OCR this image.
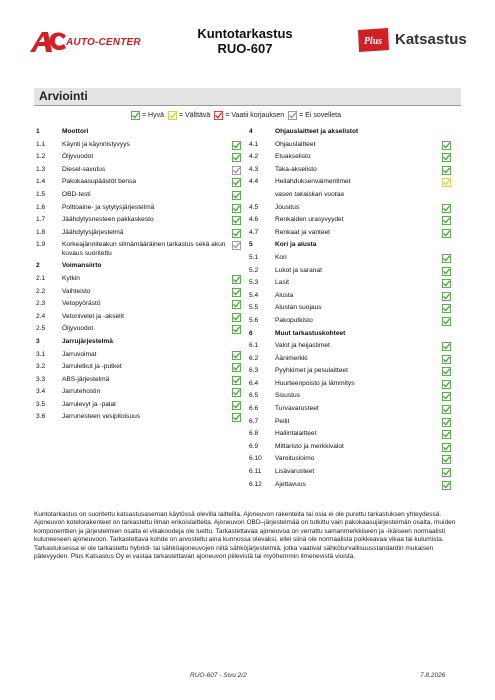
AUTO-CENTER
Kuntotarkastus
RUO-607	Plus Katsastus
Arviointi
= Hyvä = Välttävä = Vaatii korjauksen = Ei sovelleta
1	Moottori
1.1	Käynti ja käynnistyvyys
1.2	Öljyvuodot
1.3	Diesel-savutus
1.4	Pakokaasupäästöt bensa
1.5	OBD-testi
1.6	Polttoaine- ja sytytysjärjestelmä
1.7	Jäähdytysnesteen pakkaskesto
1.8	Jäähdytysjärjestelmä
1.9	Korkeajänniteakun silmämääräinen tarkastus sekä akun kuvaus suoritettu
2	Voimansiirto
2.1	Kytkin
2.2	Vaihteisto
2.3	Vetopyörästö
2.4	Vetonivelet ja -akselit
2.5	Öljyvuodot
3	Jarrujärjestelmä
3.1	Jarruvoimat
3.2	Jarruletkut ja -putket
3.3	ABS-järjestelmä
3.4	Jarrutehostin
3.5	Jarrulevyt ja -palat
3.6	Jarrunesteen vesipitoisuus
4	Ohjauslaitteet ja akselistot
4.1	Ohjauslaitteet
4.2	Etuakselisto
4.3	Taka-akselisto
4.4	Heilahduksenvaimentimet
vasen takaiskari vuotaa
4.5	Jousitus
4.6	Renkaiden urasyvyydet
4.7	Renkaat ja vanteet
5	Kori ja alusta
5.1	Kori
5.2	Lukot ja saranat
5.3	Lasit
5.4	Alusta
5.5	Alustan suojaus
5.6	Pakoputkisto
6	Muut tarkastuskohteet
6.1	Valot ja heijastimet
6.2	Äänimerkki
6.3	Pyyhkimet ja pesulaitteet
6.4	Huurteenpoisto ja lämmitys
6.5	Sisustus
6.6	Turvavarusteet
6.7	Peilit
6.8	Hallintalaitteet
6.9	Mittaristo ja merkkivalot
6.10 Varoitusloimo
6.11 Lisävarusteet
6.12 Ajettavuus
Kuntotarkastus on suoritettu katsastusaseman käytössä olevilla laitteilla. Ajoneuvon rakenteita tai osia ei ole purettu tarkastuksen yhteydessä. Ajoneuvon kotelorakenteet on tarkastettu ilman erikoislaitteita. Ajoneuvon OBD–järjestelmää on tutkittu vain pakokaasujärjestelmän osalta, muiden komponenttien ja järjestelmien osalta ei vikakoodeja ole luettu. Tarkastettavaa ajoneuvoa on verrattu samanmerkkiseen ja -ikäiseen normaalisti kuluneeseen ajoneuvoon. Tarkastettava kohde on arvosteltu aina kunnossa olevaksi, ellei siinä ole normaalista poikkeavaa vikaa tai kulumista. Tarkastuksessa ei ole tarkastettu hybridi- tai sähköajoneuvojen niitä sähköjärjestelmiä, jotka vaativat sähköturvallisuusstandardin mukaisen pätevyyden. Plus Katsastus Oy ei vastaa tarkastettavan ajoneuvon piilevistä tai myöhemmin ilmenevistä vioista.
RUO-607 - Sivu 2/2	7.8.2026
